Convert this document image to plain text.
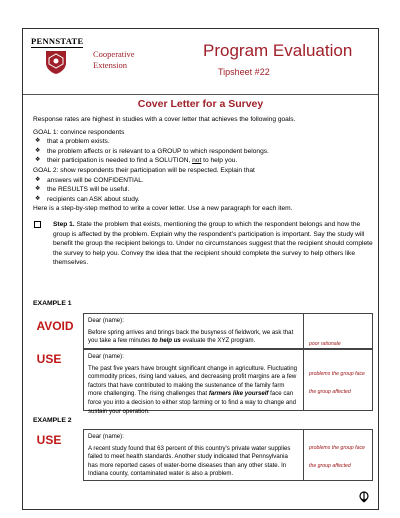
PENNSTATE
Cooperative
Extension
Program Evaluation
Tipsheet #22
Cover Letter for a Survey

Response rates are highest in studies with a cover letter that achieves the following goals.

GOAL 1: convince respondents

❖ that a problem exists.

❖ the problem affects or is relevant to a GROUP to which respondent belongs.

❖ their participation is needed to find a SOLUTION, not to help you.

GOAL 2: show respondents their participation will be respected. Explain that

❖ answers will be CONFIDENTIAL.

❖ the RESULTS will be useful.

❖ recipients can ASK about study.

Here is a step-by-step method to write a cover letter. Use a new paragraph for each item.

Step 1. State the problem that exists, mentioning the group to which the respondent belongs and how the group is affected by the problem. Explain why the respondent’s participation is important. Say the study will benefit the group the recipient belongs to. Under no circumstances suggest that the recipient should complete the survey to help you. Convey the idea that the recipient should complete the survey to help others like themselves.

EXAMPLE 1
AVOID	Dear (name):

Before spring arrives and brings back the busyness of fieldwork, we ask that you take a few minutes to help us evaluate the XYZ program.	poor rationale
USE	Dear (name):

The past five years have brought significant change in agriculture. Fluctuating commodity prices, rising land values, and decreasing profit margins are a few factors that have contributed to making the sustenance of the family farm more challenging. The rising challenges that farmers like yourself face can force you into a decision to either stop farming or to find a way to change and sustain your operation.

problems the group face
the group affected
EXAMPLE 2
USE	Dear (name):

A recent study found that 63 percent of this country’s private water supplies failed to meet health standards. Another study indicated that Pennsylvania has more reported cases of water-borne diseases than any other state. In Indiana county, contaminated water is also a problem.

problems the group face
the group affected
